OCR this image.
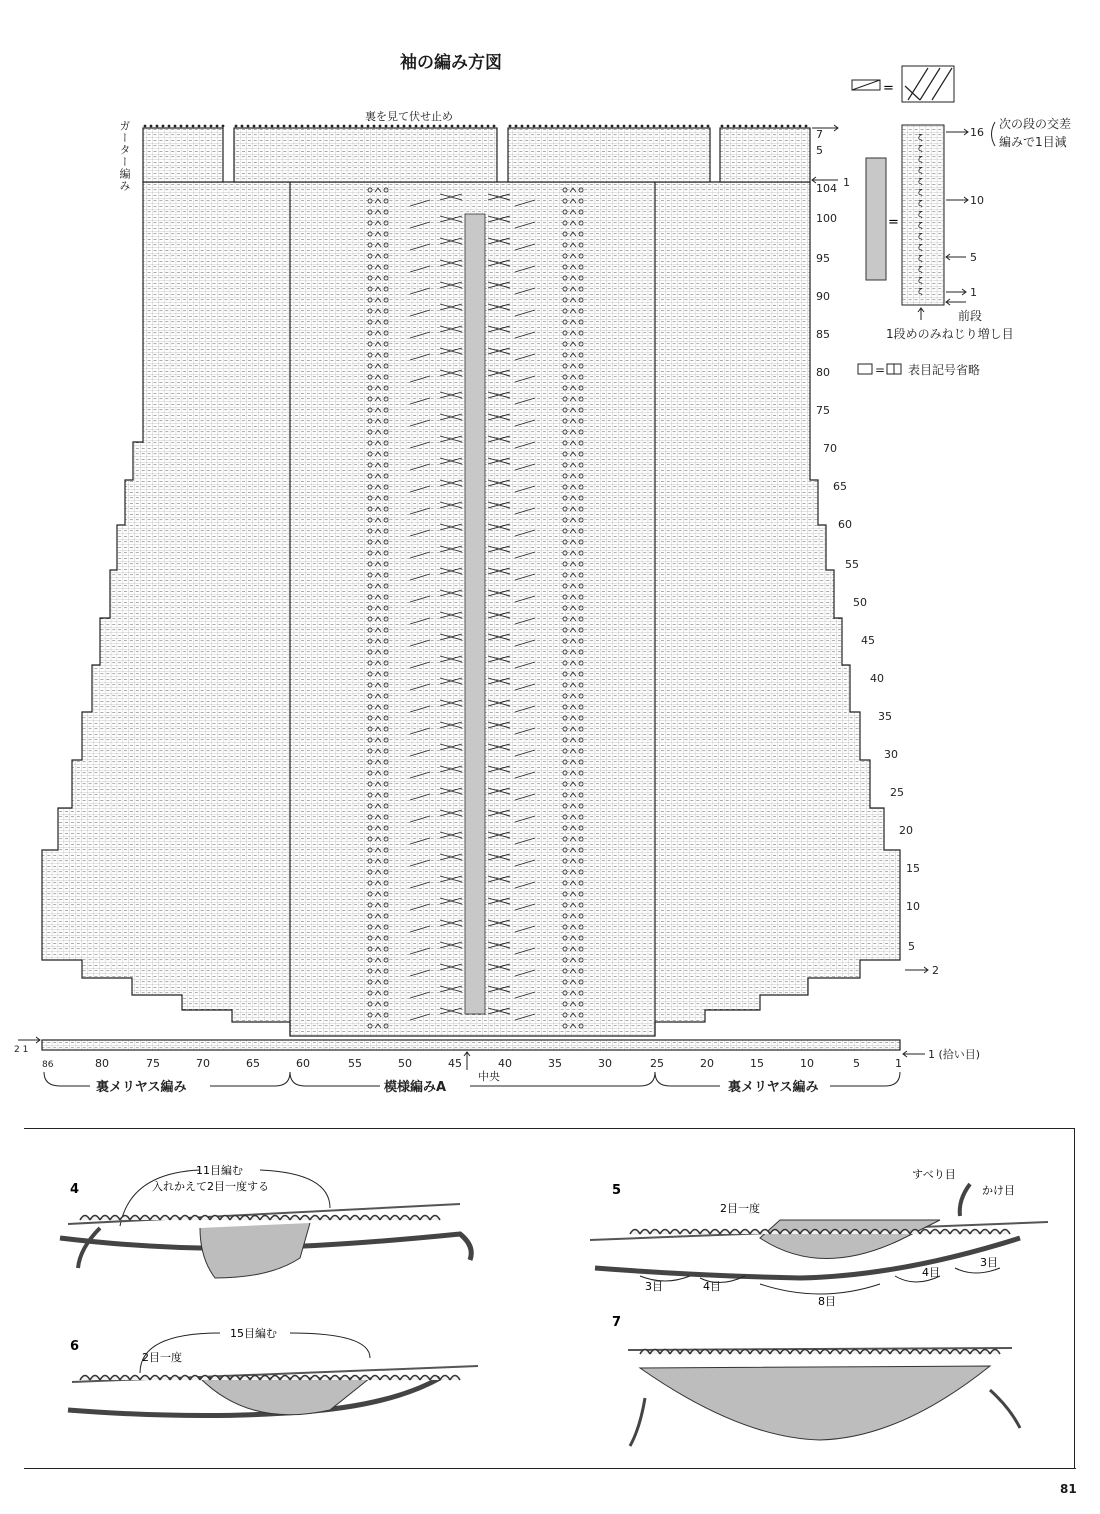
袖の編み方図
裏を見て伏せ止め
ガーター編み	7
5
1
104
100
95
90
85
80
75
70
65
60
55
50
45
40
35
30
25
20
15
10
5
2
1 (拾い目)
2 1
86	80	75	70	65	60	55	50	45	40	35	30	25	20	15	10	5	1
中央
裏メリヤス編み	模様編みA	裏メリヤス編み
=
=
ζ
ζ
ζ
ζ
ζ
ζ
ζ
ζ
ζ
ζ
ζ
ζ
ζ
ζ
ζ
16
次の段の交差
編みで1目減
10
5
1
前段
1段めのみねじり増し目
= 表目記号省略
4
11目編む
入れかえて2目一度する	5
2目一度
すべり目
かけ目
3目	4目
8目
4目
3目
6
15目編む
2目一度
7
81
